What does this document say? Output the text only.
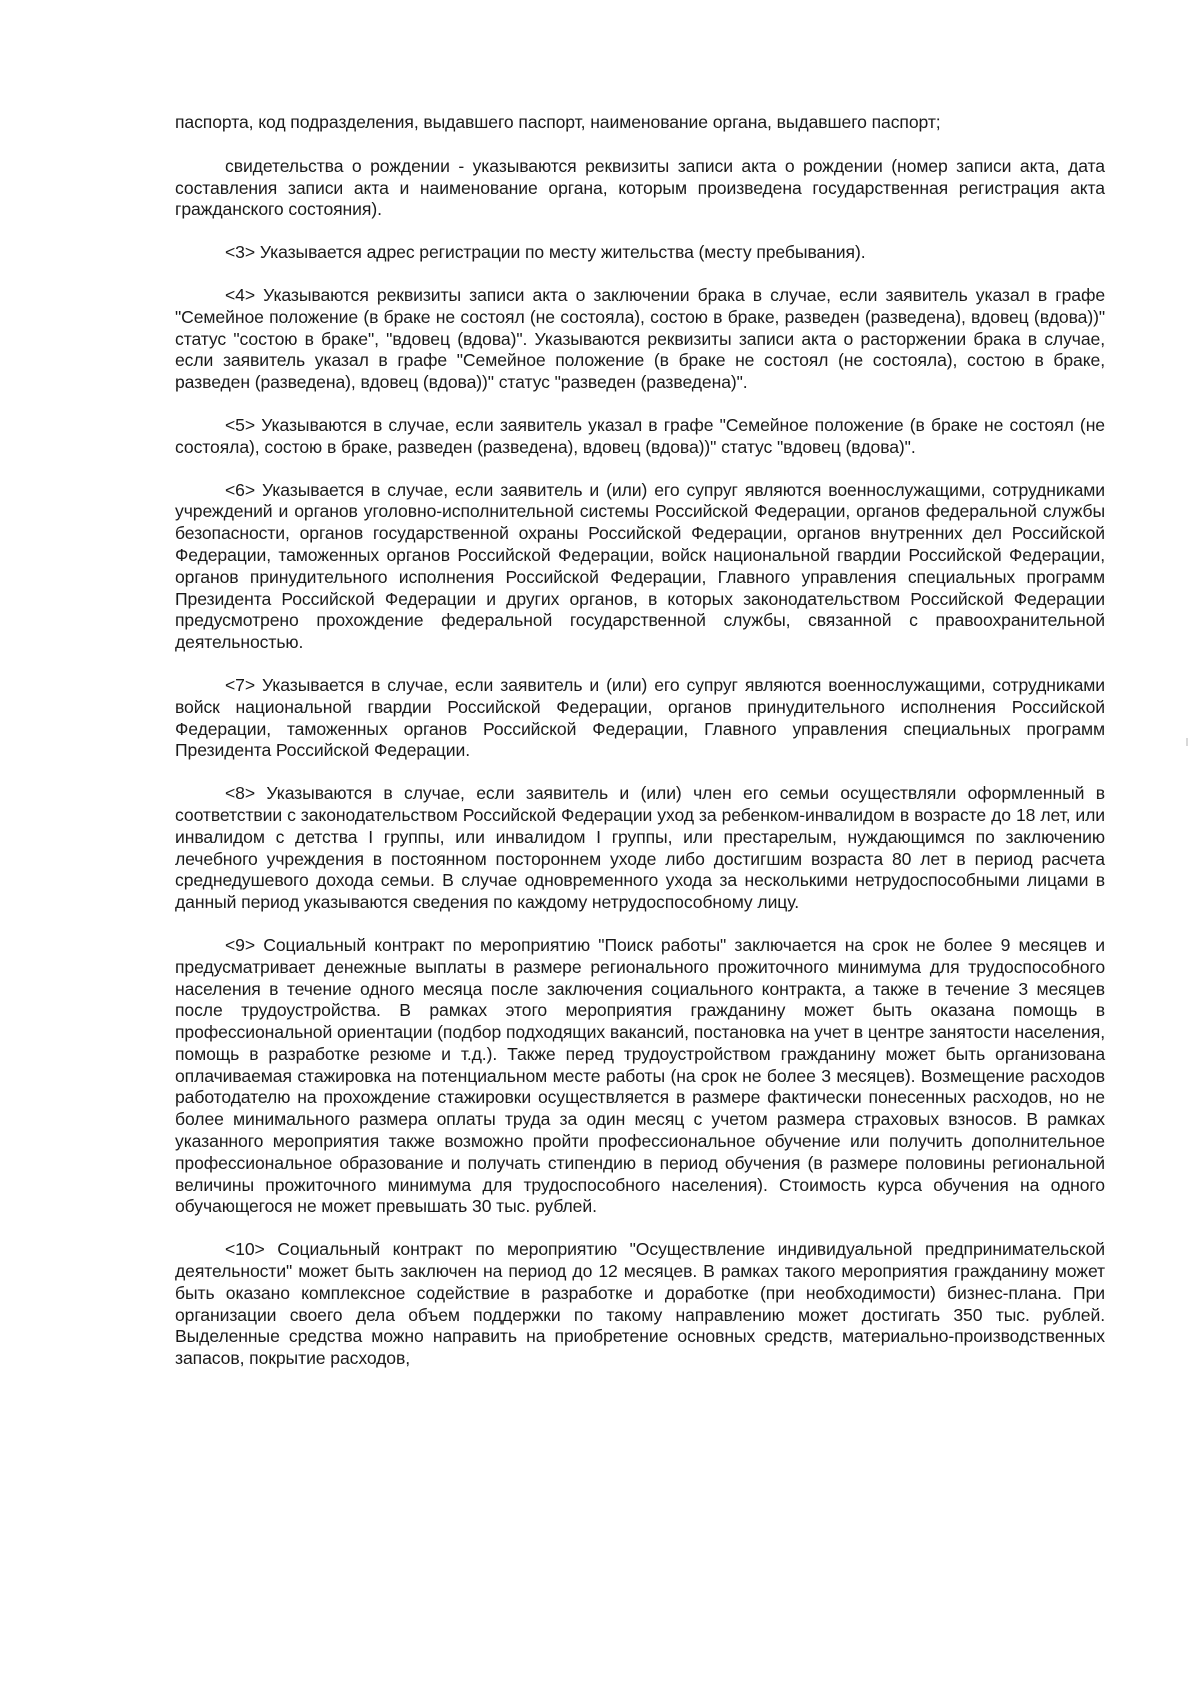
паспорта, код подразделения, выдавшего паспорт, наименование органа, выдавшего паспорт;

свидетельства о рождении - указываются реквизиты записи акта о рождении (номер записи акта, дата составления записи акта и наименование органа, которым произведена государственная регистрация акта гражданского состояния).

<3> Указывается адрес регистрации по месту жительства (месту пребывания).

<4> Указываются реквизиты записи акта о заключении брака в случае, если заявитель указал в графе "Семейное положение (в браке не состоял (не состояла), состою в браке, разведен (разведена), вдовец (вдова))" статус "состою в браке", "вдовец (вдова)". Указываются реквизиты записи акта о расторжении брака в случае, если заявитель указал в графе "Семейное положение (в браке не состоял (не состояла), состою в браке, разведен (разведена), вдовец (вдова))" статус "разведен (разведена)".

<5> Указываются в случае, если заявитель указал в графе "Семейное положение (в браке не состоял (не состояла), состою в браке, разведен (разведена), вдовец (вдова))" статус "вдовец (вдова)".

<6> Указывается в случае, если заявитель и (или) его супруг являются военнослужащими, сотрудниками учреждений и органов уголовно-исполнительной системы Российской Федерации, органов федеральной службы безопасности, органов государственной охраны Российской Федерации, органов внутренних дел Российской Федерации, таможенных органов Российской Федерации, войск национальной гвардии Российской Федерации, органов принудительного исполнения Российской Федерации, Главного управления специальных программ Президента Российской Федерации и других органов, в которых законодательством Российской Федерации предусмотрено прохождение федеральной государственной службы, связанной с правоохранительной деятельностью.

<7> Указывается в случае, если заявитель и (или) его супруг являются военнослужащими, сотрудниками войск национальной гвардии Российской Федерации, органов принудительного исполнения Российской Федерации, таможенных органов Российской Федерации, Главного управления специальных программ Президента Российской Федерации.

<8> Указываются в случае, если заявитель и (или) член его семьи осуществляли оформленный в соответствии с законодательством Российской Федерации уход за ребенком-инвалидом в возрасте до 18 лет, или инвалидом с детства I группы, или инвалидом I группы, или престарелым, нуждающимся по заключению лечебного учреждения в постоянном постороннем уходе либо достигшим возраста 80 лет в период расчета среднедушевого дохода семьи. В случае одновременного ухода за несколькими нетрудоспособными лицами в данный период указываются сведения по каждому нетрудоспособному лицу.

<9> Социальный контракт по мероприятию "Поиск работы" заключается на срок не более 9 месяцев и предусматривает денежные выплаты в размере регионального прожиточного минимума для трудоспособного населения в течение одного месяца после заключения социального контракта, а также в течение 3 месяцев после трудоустройства. В рамках этого мероприятия гражданину может быть оказана помощь в профессиональной ориентации (подбор подходящих вакансий, постановка на учет в центре занятости населения, помощь в разработке резюме и т.д.). Также перед трудоустройством гражданину может быть организована оплачиваемая стажировка на потенциальном месте работы (на срок не более 3 месяцев). Возмещение расходов работодателю на прохождение стажировки осуществляется в размере фактически понесенных расходов, но не более минимального размера оплаты труда за один месяц с учетом размера страховых взносов. В рамках указанного мероприятия также возможно пройти профессиональное обучение или получить дополнительное профессиональное образование и получать стипендию в период обучения (в размере половины региональной величины прожиточного минимума для трудоспособного населения). Стоимость курса обучения на одного обучающегося не может превышать 30 тыс. рублей.

<10> Социальный контракт по мероприятию "Осуществление индивидуальной предпринимательской деятельности" может быть заключен на период до 12 месяцев. В рамках такого мероприятия гражданину может быть оказано комплексное содействие в разработке и доработке (при необходимости) бизнес-плана. При организации своего дела объем поддержки по такому направлению может достигать 350 тыс. рублей. Выделенные средства можно направить на приобретение основных средств, материально-производственных запасов, покрытие расходов,
